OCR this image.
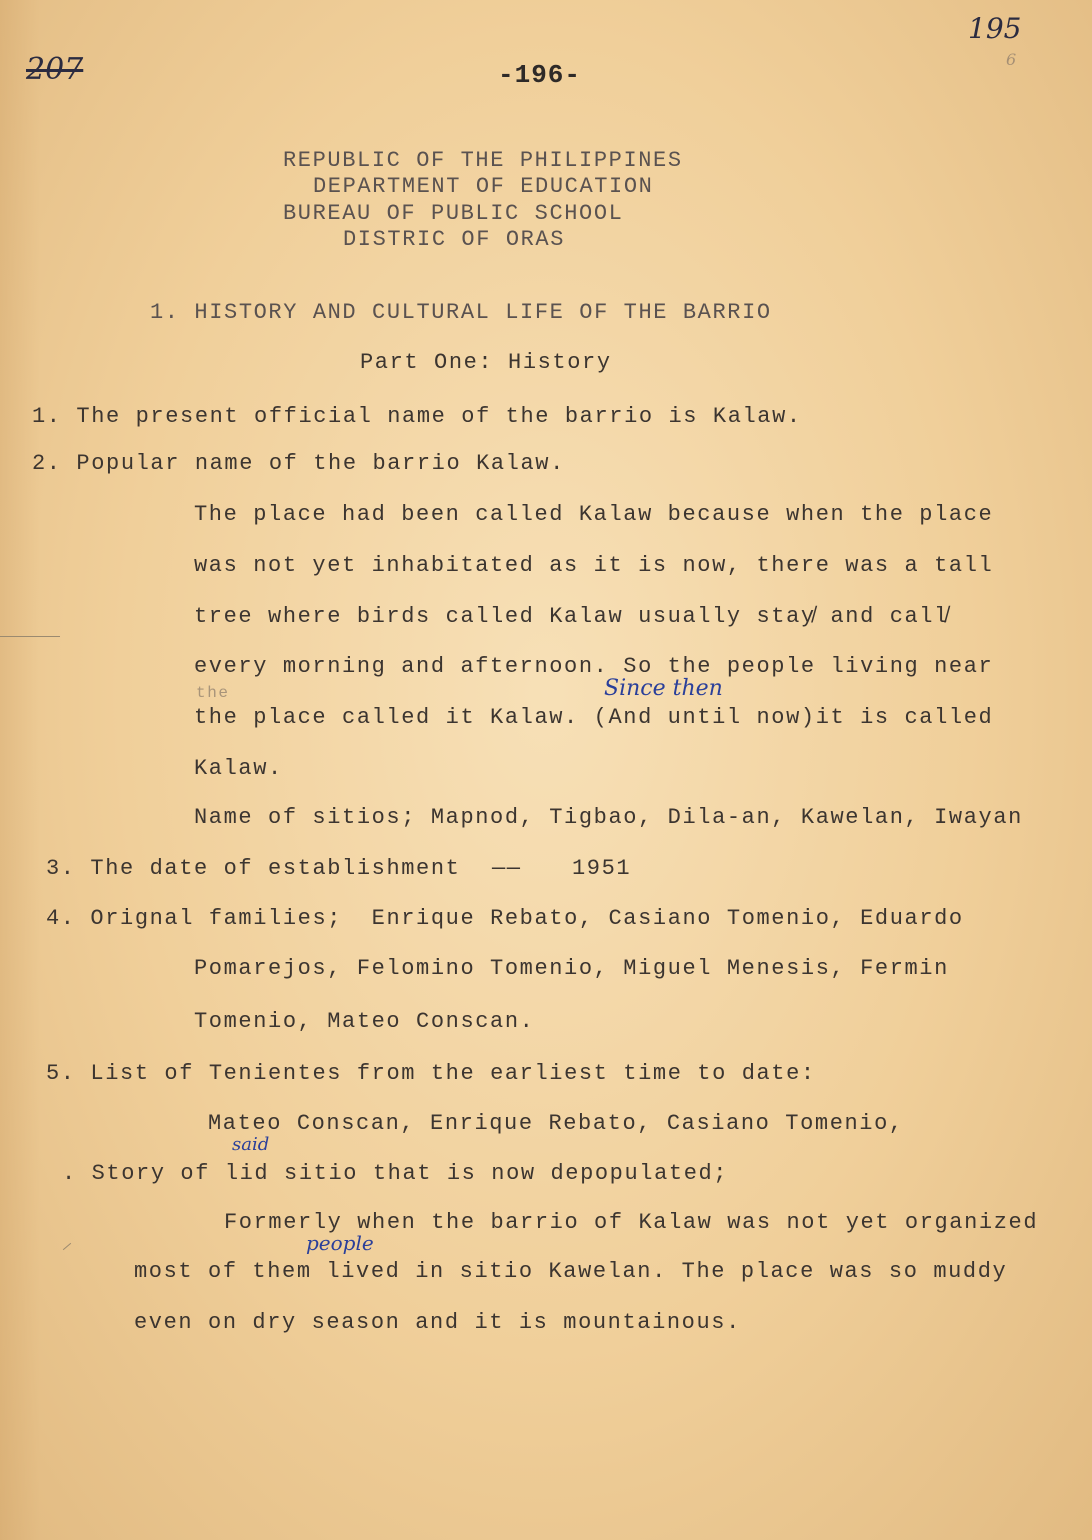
207
195
6
-196-
REPUBLIC OF THE PHILIPPINES
DEPARTMENT OF EDUCATION
BUREAU OF PUBLIC SCHOOL
DISTRIC OF ORAS
1. HISTORY AND CULTURAL LIFE OF THE BARRIO
Part One: History
1. The present official name of the barrio is Kalaw.
2. Popular name of the barrio Kalaw.
The place had been called Kalaw because when the place
was not yet inhabitated as it is now, there was a tall
tree where birds called Kalaw usually stay̸ and call̸
every morning and afternoon. So the people living near
the	Since then
the place called it Kalaw. (And until now)it is called
Kalaw.
Name of sitios; Mapnod, Tigbao, Dila-an, Kawelan, Iwayan
3. The date of establishment —— 1951
4. Orignal families;  Enrique Rebato, Casiano Tomenio, Eduardo
Pomarejos, Felomino Tomenio, Miguel Menesis, Fermin
Tomenio, Mateo Conscan.
5. List of Tenientes from the earliest time to date:
Mateo Conscan, Enrique Rebato, Casiano Tomenio,
said
. Story of lid sitio that is now depopulated;
Formerly when the barrio of Kalaw was not yet organized
people
most of them lived in sitio Kawelan. The place was so muddy
even on dry season and it is mountainous.
